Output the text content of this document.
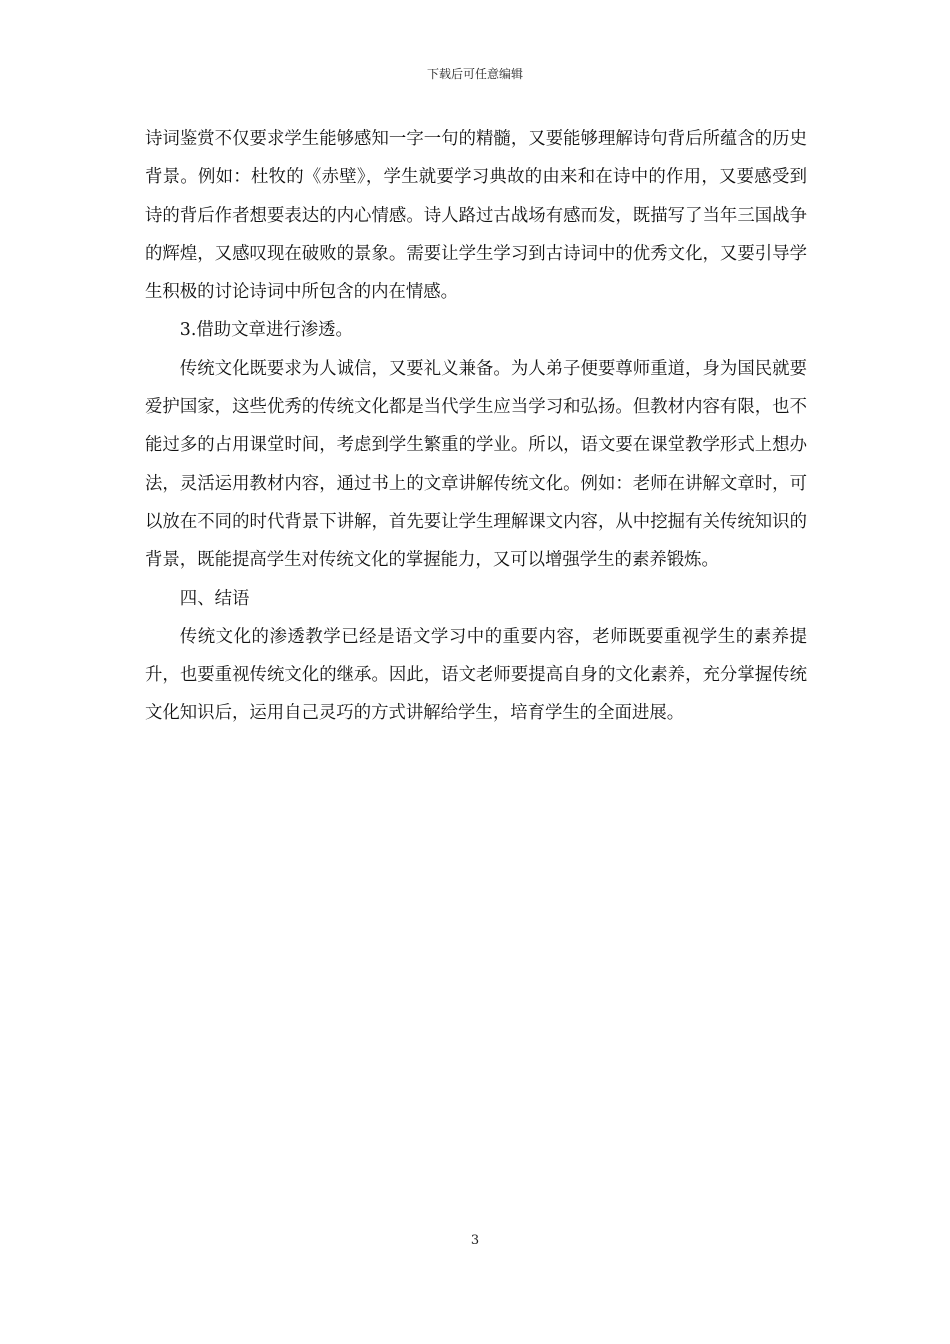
下载后可任意编辑

诗词鉴赏不仅要求学生能够感知一字一句的精髓，又要能够理解诗句背后所蕴含的历史背景。例如：杜牧的《赤壁》，学生就要学习典故的由来和在诗中的作用，又要感受到诗的背后作者想要表达的内心情感。诗人路过古战场有感而发，既描写了当年三国战争的辉煌，又感叹现在破败的景象。需要让学生学习到古诗词中的优秀文化，又要引导学生积极的讨论诗词中所包含的内在情感。

3.借助文章进行渗透。

传统文化既要求为人诚信，又要礼义兼备。为人弟子便要尊师重道，身为国民就要爱护国家，这些优秀的传统文化都是当代学生应当学习和弘扬。但教材内容有限，也不能过多的占用课堂时间，考虑到学生繁重的学业。所以，语文要在课堂教学形式上想办法，灵活运用教材内容，通过书上的文章讲解传统文化。例如：老师在讲解文章时，可以放在不同的时代背景下讲解，首先要让学生理解课文内容，从中挖掘有关传统知识的背景，既能提高学生对传统文化的掌握能力，又可以增强学生的素养锻炼。

四、结语

传统文化的渗透教学已经是语文学习中的重要内容，老师既要重视学生的素养提升，也要重视传统文化的继承。因此，语文老师要提高自身的文化素养，充分掌握传统文化知识后，运用自己灵巧的方式讲解给学生，培育学生的全面进展。

3
